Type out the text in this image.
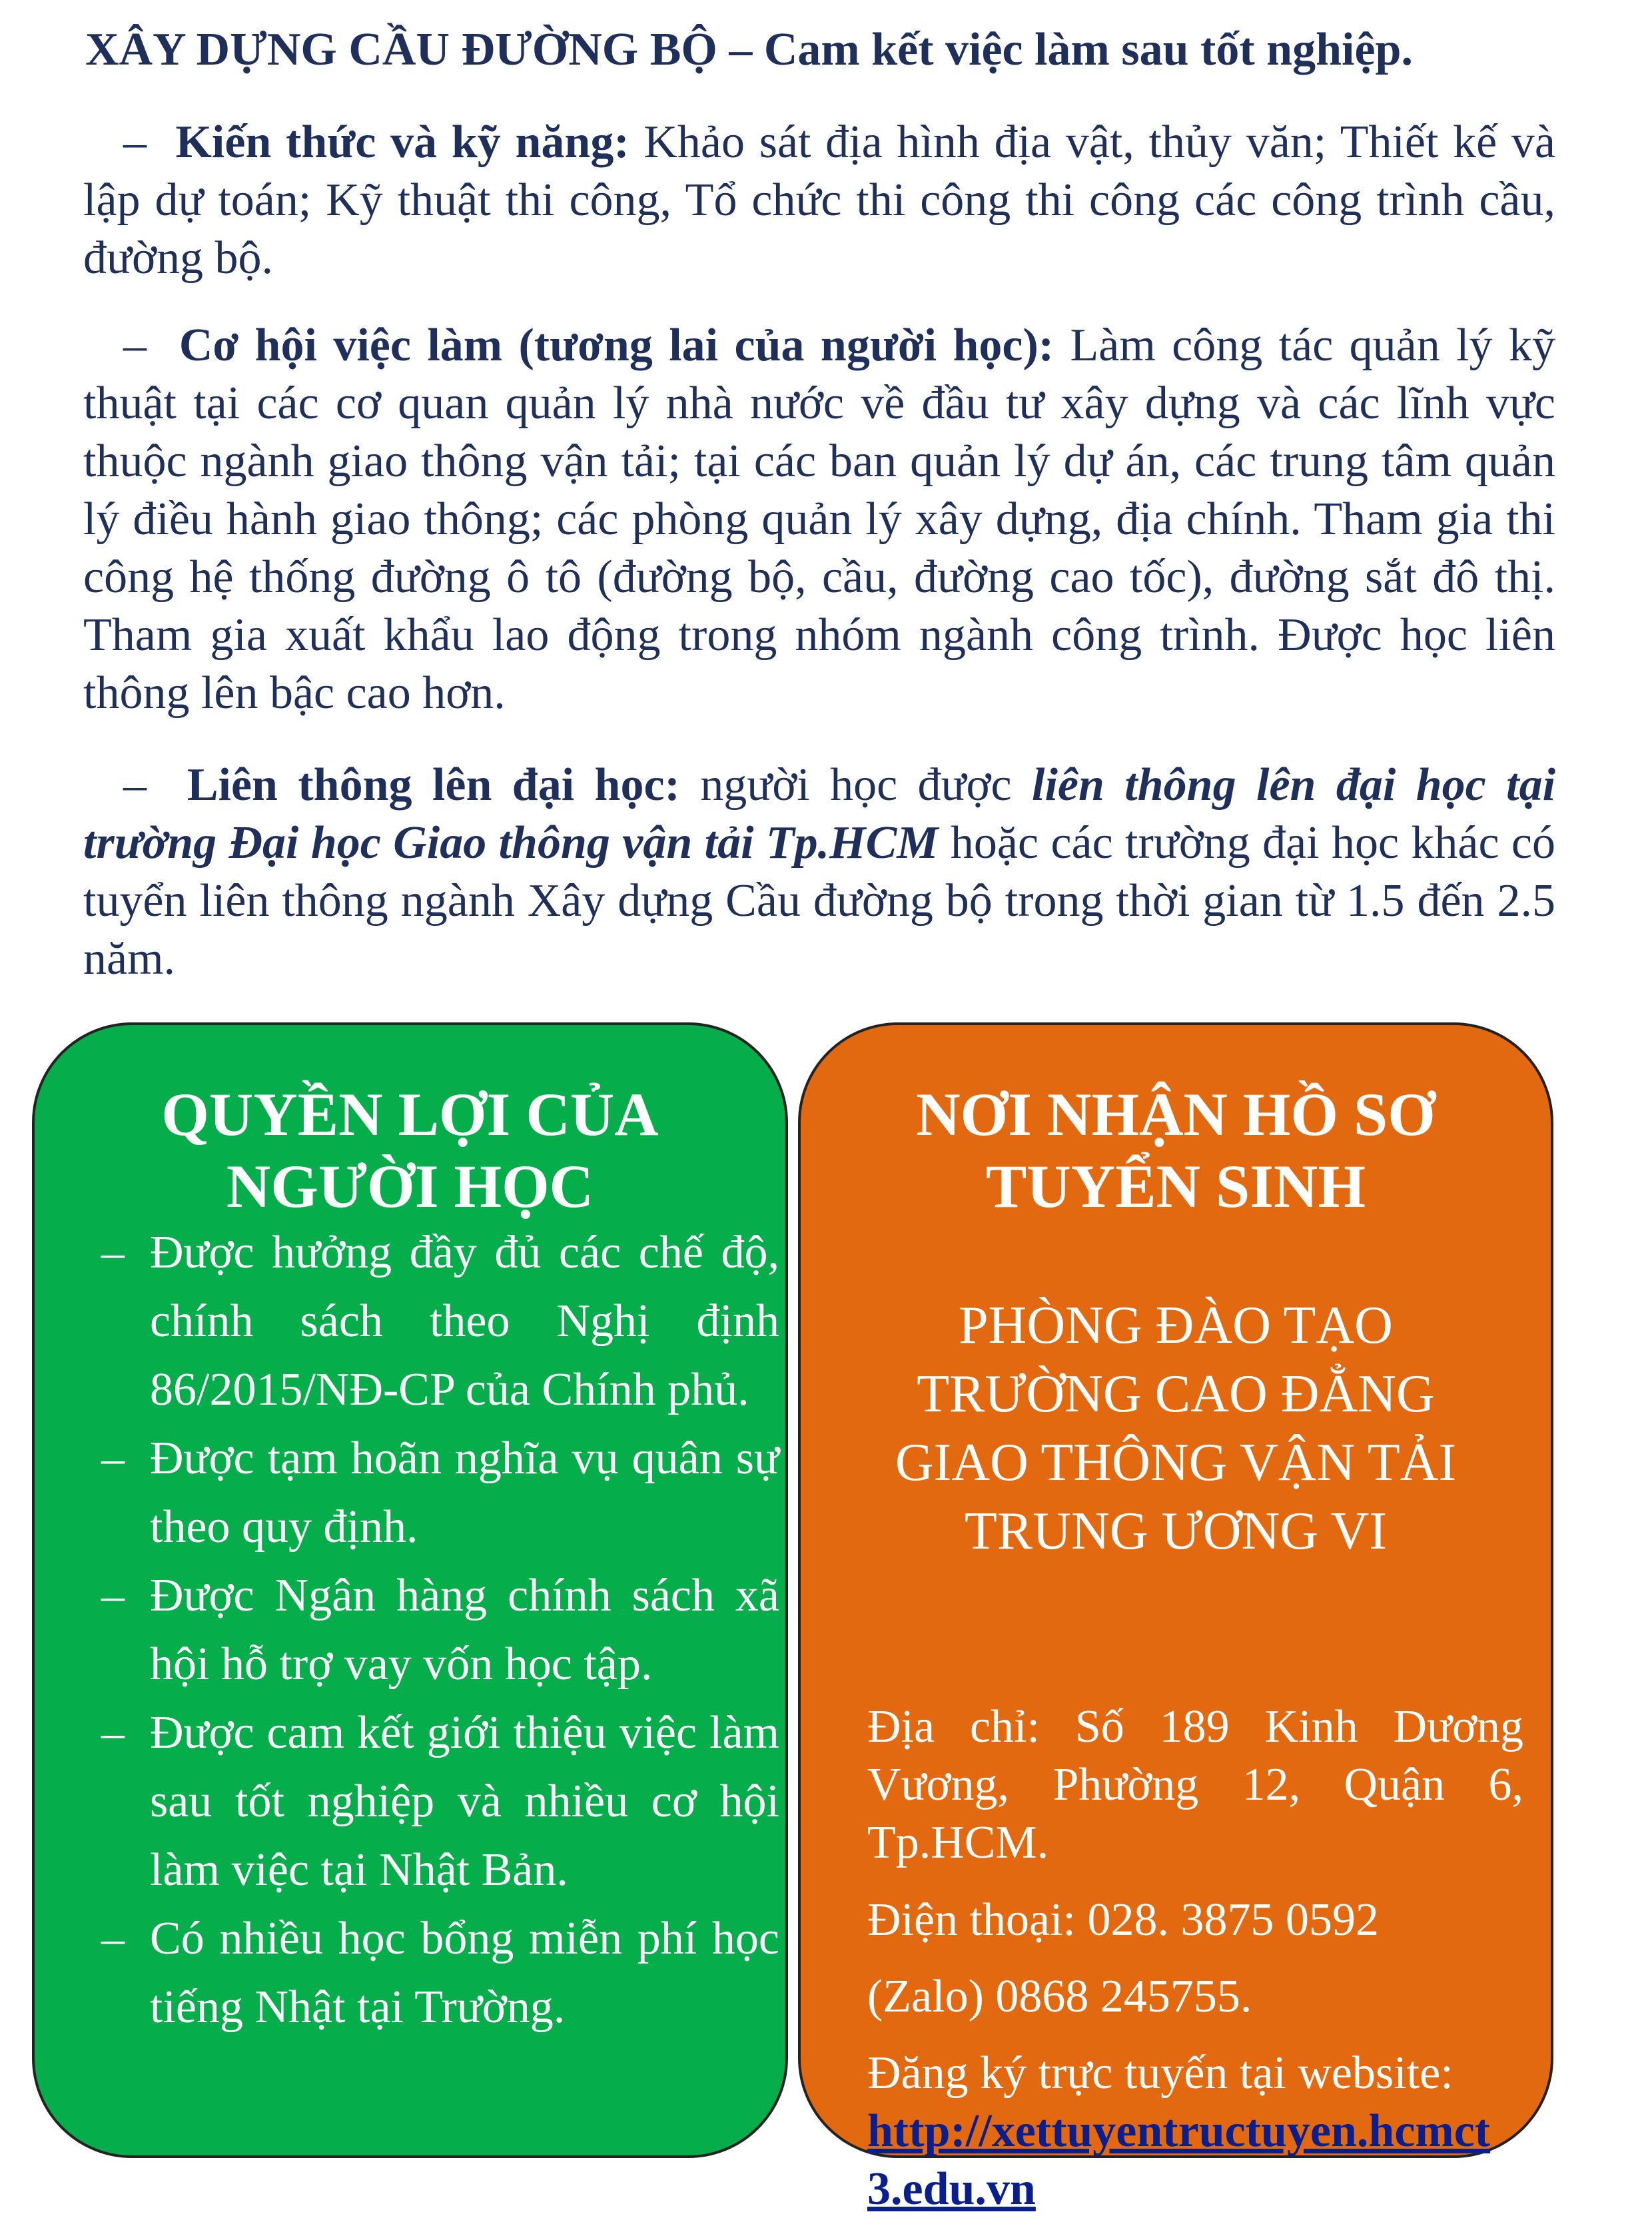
XÂY DỰNG CẦU ĐƯỜNG BỘ – Cam kết việc làm sau tốt nghiệp.

– Kiến thức và kỹ năng: Khảo sát địa hình địa vật, thủy văn; Thiết kế và lập dự toán; Kỹ thuật thi công, Tổ chức thi công thi công các công trình cầu, đường bộ.

– Cơ hội việc làm (tương lai của người học): Làm công tác quản lý kỹ thuật tại các cơ quan quản lý nhà nước về đầu tư xây dựng và các lĩnh vực thuộc ngành giao thông vận tải; tại các ban quản lý dự án, các trung tâm quản lý điều hành giao thông; các phòng quản lý xây dựng, địa chính. Tham gia thi công hệ thống đường ô tô (đường bộ, cầu, đường cao tốc), đường sắt đô thị. Tham gia xuất khẩu lao động trong nhóm ngành công trình. Được học liên thông lên bậc cao hơn.

– Liên thông lên đại học: người học được liên thông lên đại học tại trường Đại học Giao thông vận tải Tp.HCM hoặc các trường đại học khác có tuyển liên thông ngành Xây dựng Cầu đường bộ trong thời gian từ 1.5 đến 2.5 năm.

QUYỀN LỢI CỦA NGƯỜI HỌC
– Được hưởng đầy đủ các chế độ, chính sách theo Nghị định 86/2015/NĐ-CP của Chính phủ.
– Được tạm hoãn nghĩa vụ quân sự theo quy định.
– Được Ngân hàng chính sách xã hội hỗ trợ vay vốn học tập.
– Được cam kết giới thiệu việc làm sau tốt nghiệp và nhiều cơ hội làm việc tại Nhật Bản.
– Có nhiều học bổng miễn phí học tiếng Nhật tại Trường.
NƠI NHẬN HỒ SƠ TUYỂN SINH
PHÒNG ĐÀO TẠO TRƯỜNG CAO ĐẲNG GIAO THÔNG VẬN TẢI TRUNG ƯƠNG VI
Địa chỉ: Số 189 Kinh Dương Vương, Phường 12, Quận 6, Tp.HCM.
Điện thoại: 028. 3875 0592
(Zalo) 0868 245755.
Đăng ký trực tuyến tại website:
http://xettuyentructuyen.hcmct3.edu.vn
